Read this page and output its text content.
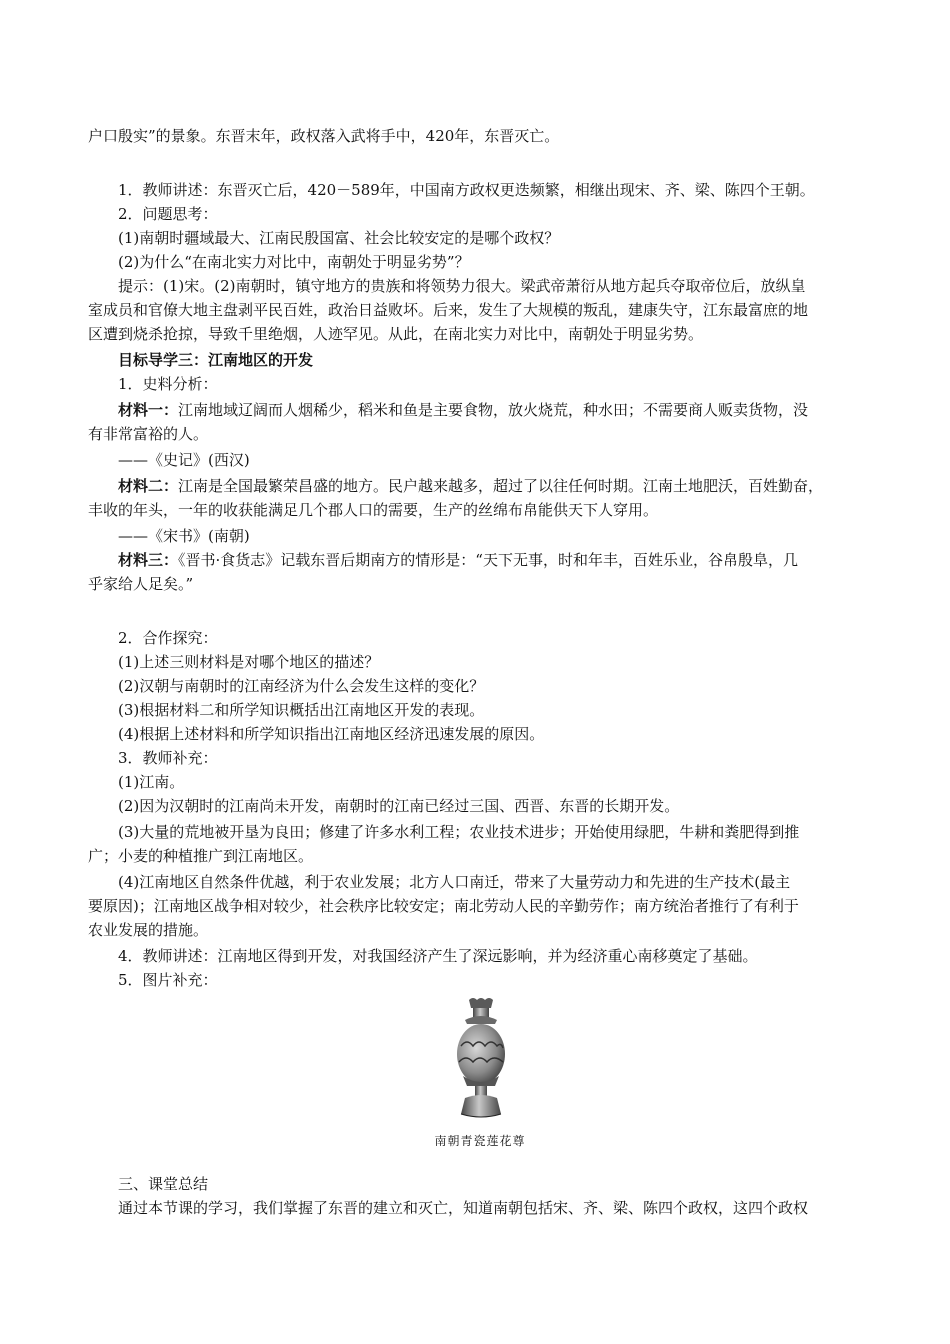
户口殷实”的景象。东晋末年，政权落入武将手中，420年，东晋灭亡。
1．教师讲述：东晋灭亡后，420－589年，中国南方政权更迭频繁，相继出现宋、齐、梁、陈四个王朝。
2．问题思考：
(1)南朝时疆域最大、江南民殷国富、社会比较安定的是哪个政权？
(2)为什么“在南北实力对比中，南朝处于明显劣势”？
提示：(1)宋。(2)南朝时，镇守地方的贵族和将领势力很大。梁武帝萧衍从地方起兵夺取帝位后，放纵皇
室成员和官僚大地主盘剥平民百姓，政治日益败坏。后来，发生了大规模的叛乱，建康失守，江东最富庶的地
区遭到烧杀抢掠，导致千里绝烟，人迹罕见。从此，在南北实力对比中，南朝处于明显劣势。
目标导学三：江南地区的开发
1．史料分析：
材料一：江南地域辽阔而人烟稀少，稻米和鱼是主要食物，放火烧荒，种水田；不需要商人贩卖货物，没
有非常富裕的人。
——《史记》(西汉)
材料二：江南是全国最繁荣昌盛的地方。民户越来越多，超过了以往任何时期。江南土地肥沃，百姓勤奋，
丰收的年头，一年的收获能满足几个郡人口的需要，生产的丝绵布帛能供天下人穿用。
——《宋书》(南朝)
材料三：《晋书·食货志》记载东晋后期南方的情形是：“天下无事，时和年丰，百姓乐业，谷帛殷阜，几
乎家给人足矣。”
2．合作探究：
(1)上述三则材料是对哪个地区的描述？
(2)汉朝与南朝时的江南经济为什么会发生这样的变化？
(3)根据材料二和所学知识概括出江南地区开发的表现。
(4)根据上述材料和所学知识指出江南地区经济迅速发展的原因。
3．教师补充：
(1)江南。
(2)因为汉朝时的江南尚未开发，南朝时的江南已经过三国、西晋、东晋的长期开发。
(3)大量的荒地被开垦为良田；修建了许多水利工程；农业技术进步；开始使用绿肥，牛耕和粪肥得到推
广；小麦的种植推广到江南地区。
(4)江南地区自然条件优越，利于农业发展；北方人口南迁，带来了大量劳动力和先进的生产技术(最主
要原因)；江南地区战争相对较少，社会秩序比较安定；南北劳动人民的辛勤劳作；南方统治者推行了有利于
农业发展的措施。
4．教师讲述：江南地区得到开发，对我国经济产生了深远影响，并为经济重心南移奠定了基础。
5．图片补充：
南朝青瓷莲花尊
三、课堂总结
通过本节课的学习，我们掌握了东晋的建立和灭亡，知道南朝包括宋、齐、梁、陈四个政权，这四个政权
